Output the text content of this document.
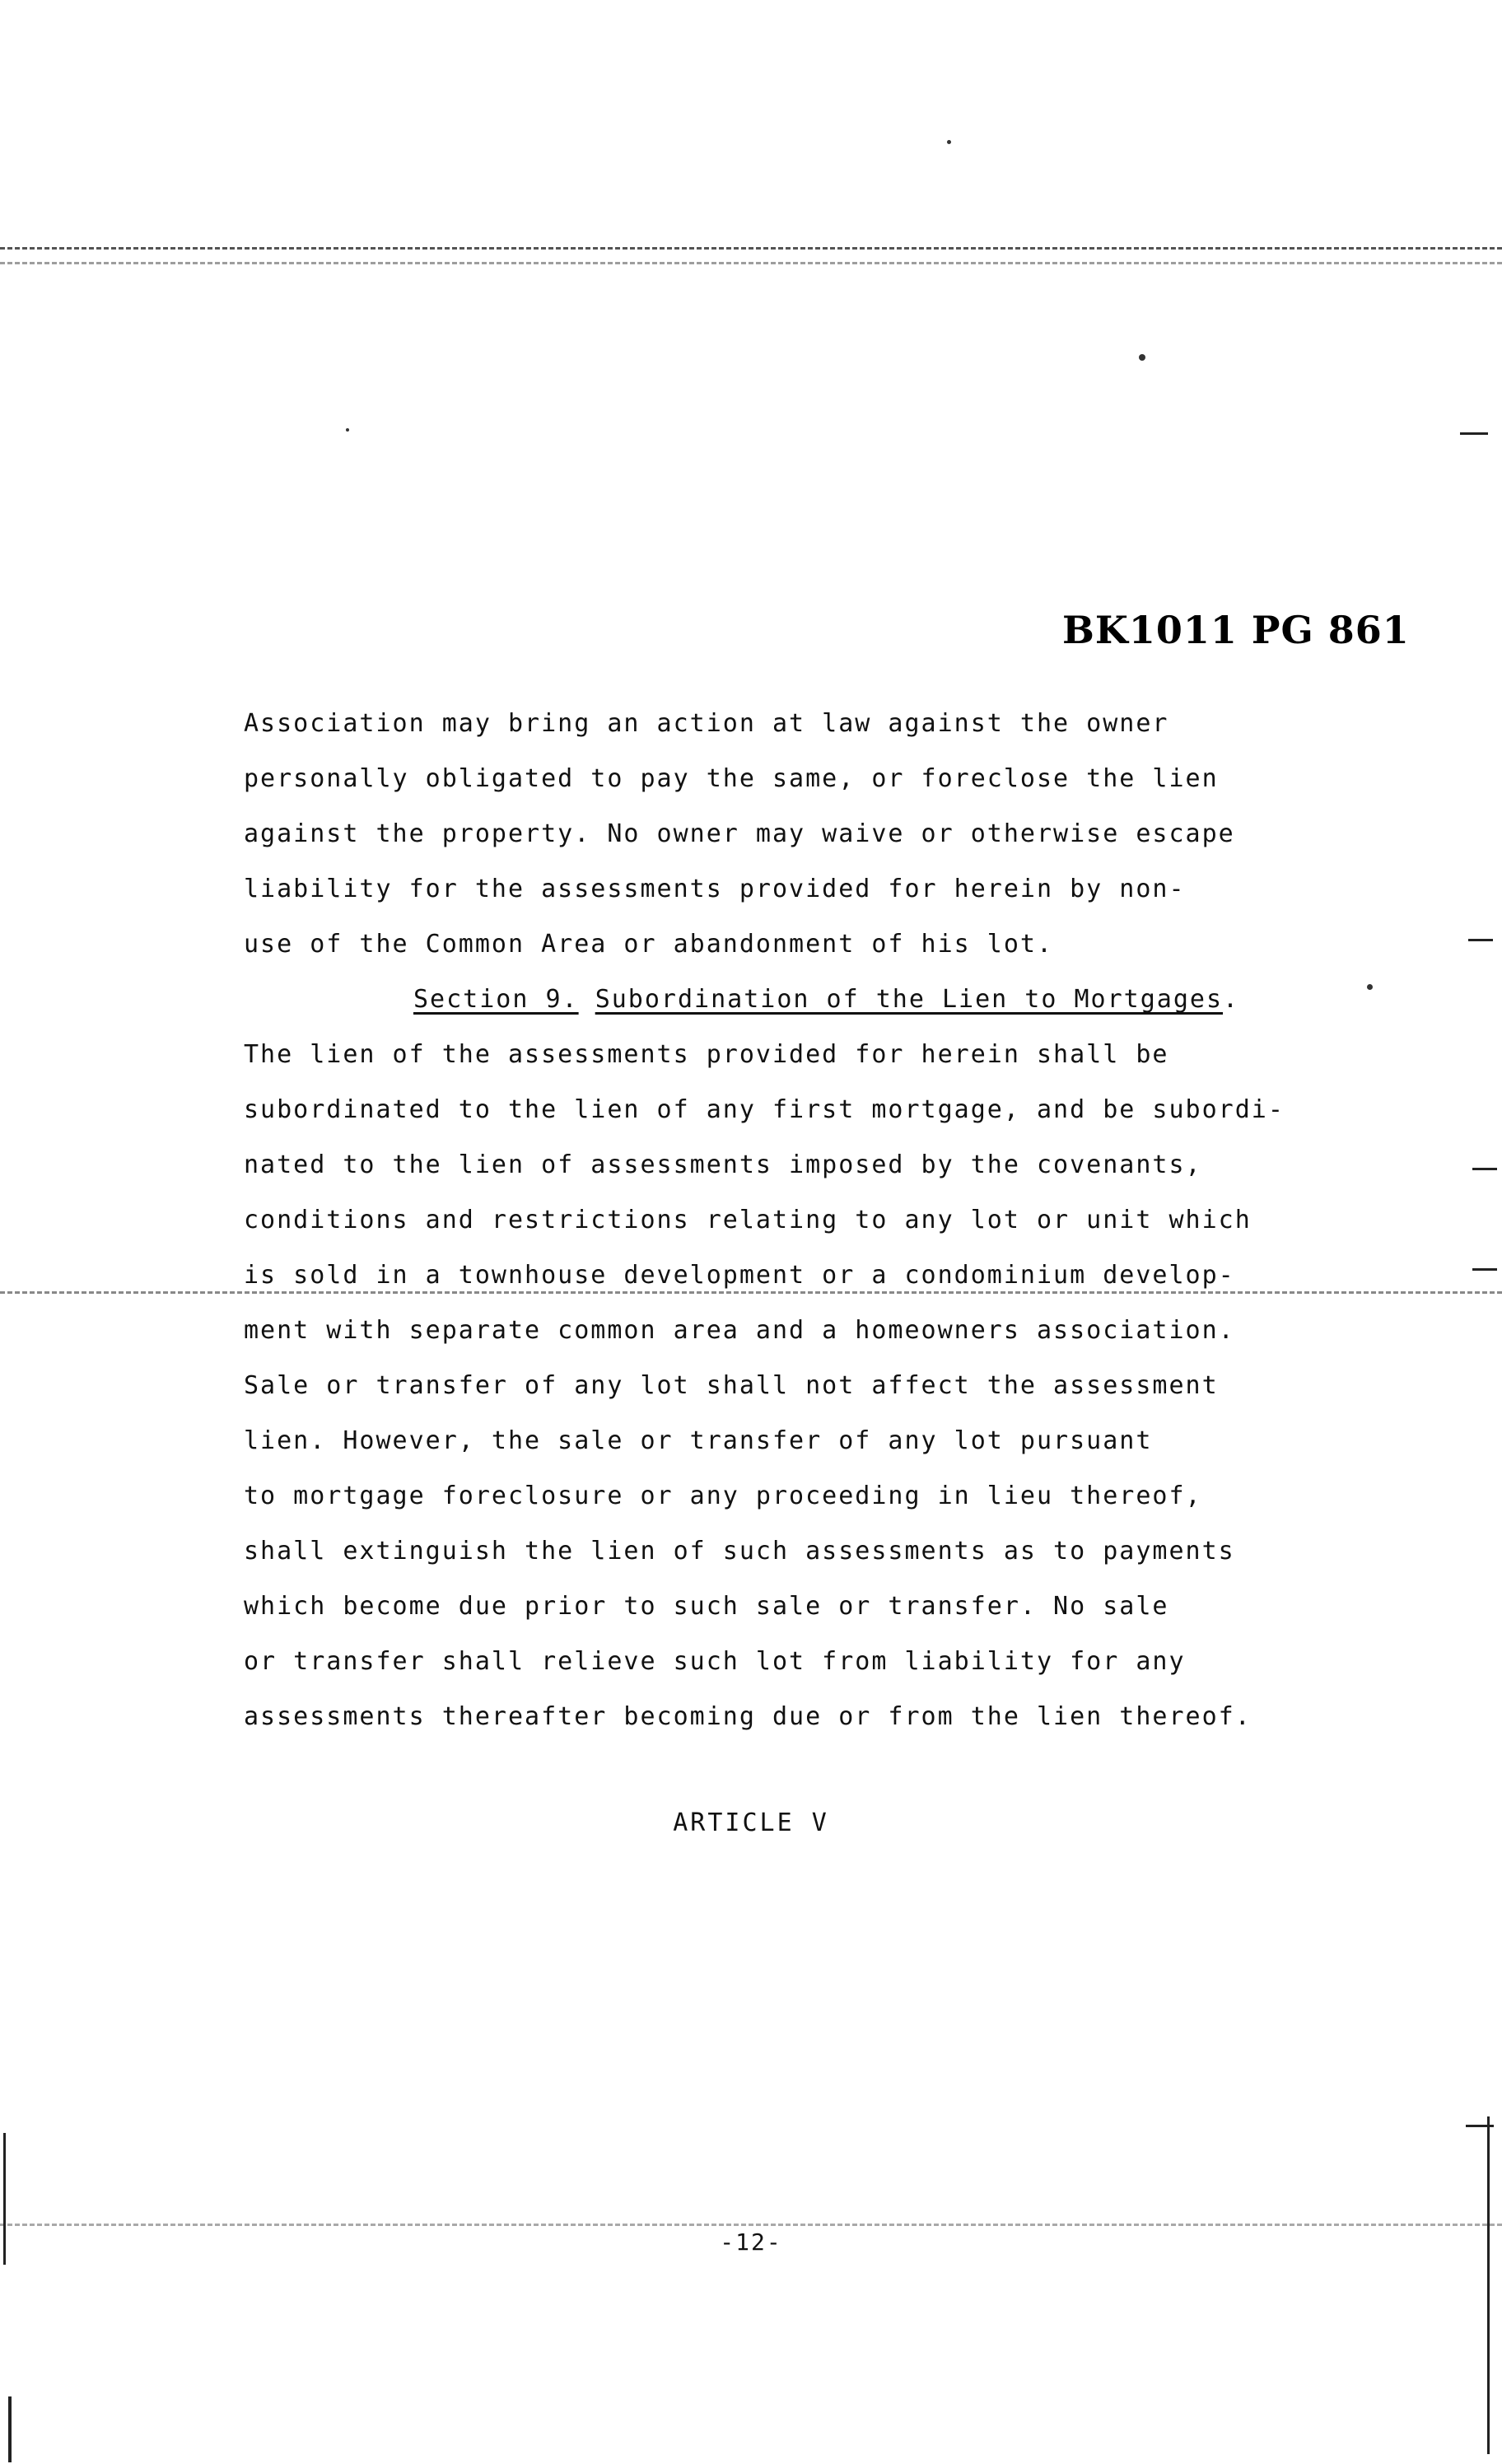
BK1011 PG 861
Association may bring an action at law against the owner
personally obligated to pay the same, or foreclose the lien
against the property. No owner may waive or otherwise escape
liability for the assessments provided for herein by non-
use of the Common Area or abandonment of his lot.
Section 9. Subordination of the Lien to Mortgages.
The lien of the assessments provided for herein shall be
subordinated to the lien of any first mortgage, and be subordi-
nated to the lien of assessments imposed by the covenants,
conditions and restrictions relating to any lot or unit which
is sold in a townhouse development or a condominium develop-
ment with separate common area and a homeowners association.
Sale or transfer of any lot shall not affect the assessment
lien. However, the sale or transfer of any lot pursuant
to mortgage foreclosure or any proceeding in lieu thereof,
shall extinguish the lien of such assessments as to payments
which become due prior to such sale or transfer. No sale
or transfer shall relieve such lot from liability for any
assessments thereafter becoming due or from the lien thereof.
ARTICLE V
-12-
